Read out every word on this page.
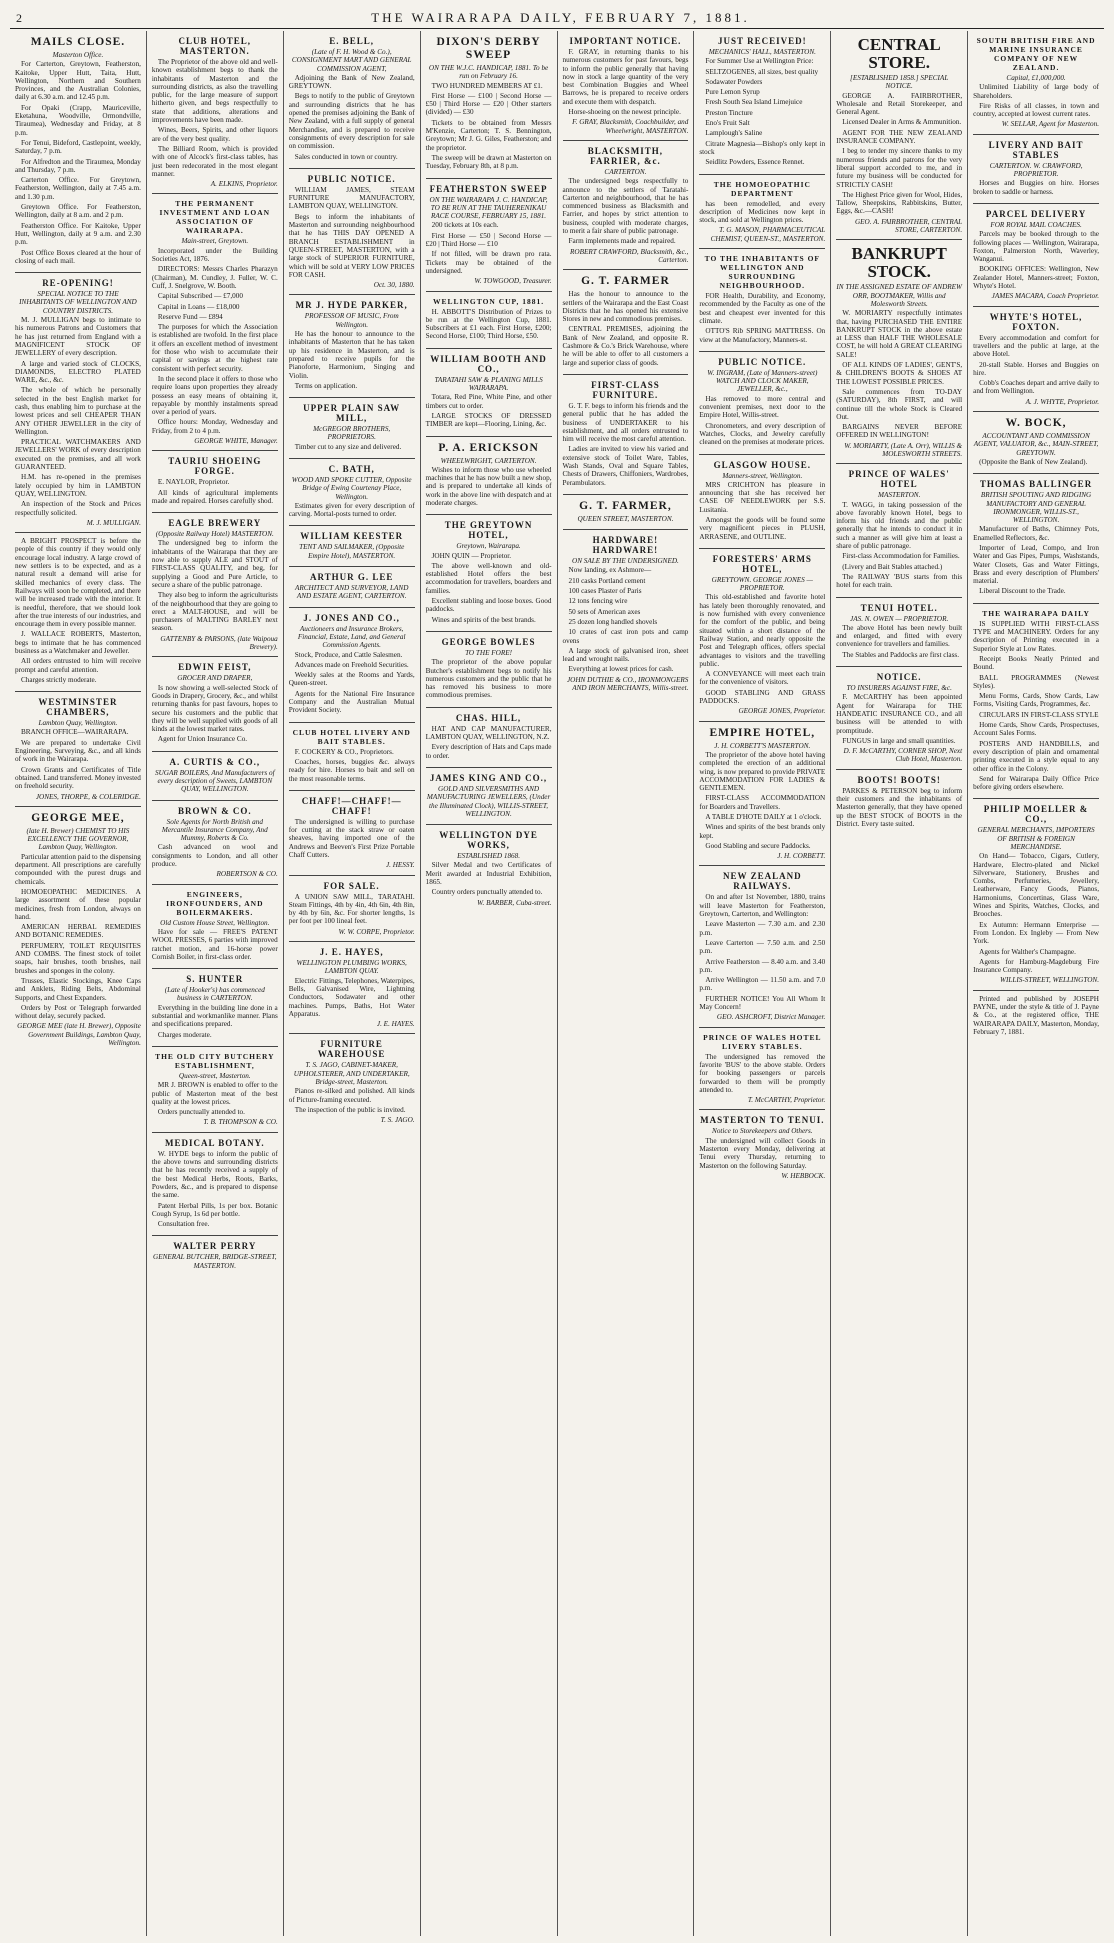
2	THE WAIRARAPA DAILY, FEBRUARY 7, 1881.
MAILS CLOSE.
Masterton Office.

For Carterton, Greytown, Featherston, Kaitoke, Upper Hutt, Taita, Hutt, Wellington, Northern and Southern Provinces, and the Australian Colonies, daily at 6.30 a.m. and 12.45 p.m.

For Opaki (Crapp, Mauriceville, Eketahuna, Woodville, Ormondville, Tiraumea), Wednesday and Friday, at 8 p.m.

For Tenui, Bideford, Castlepoint, weekly, Saturday, 7 p.m.

For Alfredton and the Tiraumea, Monday and Thursday, 7 p.m.

Carterton Office. For Greytown, Featherston, Wellington, daily at 7.45 a.m. and 1.30 p.m.

Greytown Office. For Featherston, Wellington, daily at 8 a.m. and 2 p.m.

Featherston Office. For Kaitoke, Upper Hutt, Wellington, daily at 9 a.m. and 2.30 p.m.

Post Office Boxes cleared at the hour of closing of each mail.

RE-OPENING!
SPECIAL NOTICE TO THE INHABITANTS OF WELLINGTON AND COUNTRY DISTRICTS.

M. J. MULLIGAN begs to intimate to his numerous Patrons and Customers that he has just returned from England with a MAGNIFICENT STOCK OF JEWELLERY of every description.

A large and varied stock of CLOCKS, DIAMONDS, ELECTRO PLATED WARE, &c., &c.

The whole of which he personally selected in the best English market for cash, thus enabling him to purchase at the lowest prices and sell CHEAPER THAN ANY OTHER JEWELLER in the city of Wellington.

PRACTICAL WATCHMAKERS AND JEWELLERS' WORK of every description executed on the premises, and all work GUARANTEED.

H.M. has re-opened in the premises lately occupied by him in LAMBTON QUAY, WELLINGTON.

An inspection of the Stock and Prices respectfully solicited.

M. J. MULLIGAN.

A BRIGHT PROSPECT is before the people of this country if they would only encourage local industry. A large crowd of new settlers is to be expected, and as a natural result a demand will arise for skilled mechanics of every class. The Railways will soon be completed, and there will be increased trade with the interior. It is needful, therefore, that we should look after the true interests of our industries, and encourage them in every possible manner.

J. WALLACE ROBERTS, Masterton, begs to intimate that he has commenced business as a Watchmaker and Jeweller.

All orders entrusted to him will receive prompt and careful attention.

Charges strictly moderate.

WESTMINSTER CHAMBERS,
Lambton Quay, Wellington.

BRANCH OFFICE—WAIRARAPA.

We are prepared to undertake Civil Engineering, Surveying, &c., and all kinds of work in the Wairarapa.

Crown Grants and Certificates of Title obtained. Land transferred. Money invested on freehold security.

JONES, THORPE, & COLERIDGE.
GEORGE MEE,
(late H. Brewer) CHEMIST TO HIS EXCELLENCY THE GOVERNOR, Lambton Quay, Wellington.

Particular attention paid to the dispensing department. All prescriptions are carefully compounded with the purest drugs and chemicals.

HOMOEOPATHIC MEDICINES. A large assortment of these popular medicines, fresh from London, always on hand.

AMERICAN HERBAL REMEDIES AND BOTANIC REMEDIES.

PERFUMERY, TOILET REQUISITES AND COMBS. The finest stock of toilet soaps, hair brushes, tooth brushes, nail brushes and sponges in the colony.

Trusses, Elastic Stockings, Knee Caps and Anklets, Riding Belts, Abdominal Supports, and Chest Expanders.

Orders by Post or Telegraph forwarded without delay, securely packed.

GEORGE MEE (late H. Brewer), Opposite Government Buildings, Lambton Quay, Wellington.
CLUB HOTEL, MASTERTON.

The Proprietor of the above old and well-known establishment begs to thank the inhabitants of Masterton and the surrounding districts, as also the travelling public, for the large measure of support hitherto given, and begs respectfully to state that additions, alterations and improvements have been made.

Wines, Beers, Spirits, and other liquors are of the very best quality.

The Billiard Room, which is provided with one of Alcock's first-class tables, has just been redecorated in the most elegant manner.

A. ELKINS, Proprietor.
THE PERMANENT INVESTMENT AND LOAN ASSOCIATION OF WAIRARAPA.
Main-street, Greytown.

Incorporated under the Building Societies Act, 1876.

DIRECTORS: Messrs Charles Pharazyn (Chairman), M. Cundley, J. Fuller, W. C. Cuff, J. Snelgrove, W. Booth.

Capital Subscribed — £7,000

Capital in Loans — £18,000

Reserve Fund — £894

The purposes for which the Association is established are twofold. In the first place it offers an excellent method of investment for those who wish to accumulate their capital or savings at the highest rate consistent with perfect security.

In the second place it offers to those who require loans upon properties they already possess an easy means of obtaining it, repayable by monthly instalments spread over a period of years.

Office hours: Monday, Wednesday and Friday, from 2 to 4 p.m.

GEORGE WHITE, Manager.
TAURIU SHOEING FORGE.

E. NAYLOR, Proprietor.

All kinds of agricultural implements made and repaired. Horses carefully shod.

EAGLE BREWERY
(Opposite Railway Hotel) MASTERTON.

The undersigned beg to inform the inhabitants of the Wairarapa that they are now able to supply ALE and STOUT of FIRST-CLASS QUALITY, and beg, for supplying a Good and Pure Article, to secure a share of the public patronage.

They also beg to inform the agriculturists of the neighbourhood that they are going to erect a MALT-HOUSE, and will be purchasers of MALTING BARLEY next season.

GATTENBY & PARSONS, (late Waipoua Brewery).
EDWIN FEIST,
GROCER AND DRAPER,

Is now showing a well-selected Stock of Goods in Drapery, Grocery, &c., and whilst returning thanks for past favours, hopes to secure his customers and the public that they will be well supplied with goods of all kinds at the lowest market rates.

Agent for Union Insurance Co.

A. CURTIS & CO.,
SUGAR BOILERS, And Manufacturers of every description of Sweets, LAMBTON QUAY, WELLINGTON.
BROWN & CO.
Sole Agents for North British and Mercantile Insurance Company, And Mummy, Roberts & Co.

Cash advanced on wool and consignments to London, and all other produce.

ROBERTSON & CO.
ENGINEERS, IRONFOUNDERS, AND BOILERMAKERS.
Old Custom House Street, Wellington.

Have for sale — FREE'S PATENT WOOL PRESSES, 6 parties with improved ratchet motion, and 16-horse power Cornish Boiler, in first-class order.

S. HUNTER
(Late of Hooker's) has commenced business in CARTERTON.

Everything in the building line done in a substantial and workmanlike manner. Plans and specifications prepared.

Charges moderate.

THE OLD CITY BUTCHERY ESTABLISHMENT,
Queen-street, Masterton.

MR J. BROWN is enabled to offer to the public of Masterton meat of the best quality at the lowest prices.

Orders punctually attended to.

T. B. THOMPSON & CO.
MEDICAL BOTANY.

W. HYDE begs to inform the public of the above towns and surrounding districts that he has recently received a supply of the best Medical Herbs, Roots, Barks, Powders, &c., and is prepared to dispense the same.

Patent Herbal Pills, 1s per box. Botanic Cough Syrup, 1s 6d per bottle.

Consultation free.

WALTER PERRY
GENERAL BUTCHER, BRIDGE-STREET, MASTERTON.
E. BELL,
(Late of F. H. Wood & Co.), CONSIGNMENT MART AND GENERAL COMMISSION AGENT,

Adjoining the Bank of New Zealand, GREYTOWN.

Begs to notify to the public of Greytown and surrounding districts that he has opened the premises adjoining the Bank of New Zealand, with a full supply of general Merchandise, and is prepared to receive consignments of every description for sale on commission.

Sales conducted in town or country.

PUBLIC NOTICE.

WILLIAM JAMES, STEAM FURNITURE MANUFACTORY, LAMBTON QUAY, WELLINGTON.

Begs to inform the inhabitants of Masterton and surrounding neighbourhood that he has THIS DAY OPENED A BRANCH ESTABLISHMENT in QUEEN-STREET, MASTERTON, with a large stock of SUPERIOR FURNITURE, which will be sold at VERY LOW PRICES FOR CASH.

Oct. 30, 1880.
MR J. HYDE PARKER,
PROFESSOR OF MUSIC, From Wellington.

He has the honour to announce to the inhabitants of Masterton that he has taken up his residence in Masterton, and is prepared to receive pupils for the Pianoforte, Harmonium, Singing and Violin.

Terms on application.

UPPER PLAIN SAW MILL,
McGREGOR BROTHERS, PROPRIETORS.

Timber cut to any size and delivered.

C. BATH,
WOOD AND SPOKE CUTTER, Opposite Bridge of Ewing Courtenay Place, Wellington.

Estimates given for every description of carving. Mortal-posts turned to order.

WILLIAM KEESTER
TENT AND SAILMAKER, (Opposite Empire Hotel), MASTERTON.
ARTHUR G. LEE
ARCHITECT AND SURVEYOR, LAND AND ESTATE AGENT, CARTERTON.
J. JONES AND CO.,
Auctioneers and Insurance Brokers, Financial, Estate, Land, and General Commission Agents.

Stock, Produce, and Cattle Salesmen.

Advances made on Freehold Securities.

Weekly sales at the Rooms and Yards, Queen-street.

Agents for the National Fire Insurance Company and the Australian Mutual Provident Society.

CLUB HOTEL LIVERY AND BAIT STABLES.

F. COCKERY & CO., Proprietors.

Coaches, horses, buggies &c. always ready for hire. Horses to bait and sell on the most reasonable terms.

CHAFF!—CHAFF!—CHAFF!

The undersigned is willing to purchase for cutting at the stack straw or oaten sheaves, having imported one of the Andrews and Beeven's First Prize Portable Chaff Cutters.

J. HESSY.
FOR SALE.

A UNION SAW MILL, TARATAHI. Steam Fittings, 4th by 4in, 4th 6in, 4th 8in, by 4th by 6in, &c. For shorter lengths, 1s per foot per 100 lineal feet.

W. W. CORPE, Proprietor.
J. E. HAYES,
WELLINGTON PLUMBING WORKS, LAMBTON QUAY.

Electric Fittings, Telephones, Waterpipes, Bells, Galvanised Wire, Lightning Conductors, Sodawater and other machines. Pumps, Baths, Hot Water Apparatus.

J. E. HAYES.
FURNITURE WAREHOUSE
T. S. JAGO, CABINET-MAKER, UPHOLSTERER, AND UNDERTAKER, Bridge-street, Masterton.

Pianos re-silked and polished. All kinds of Picture-framing executed.

The inspection of the public is invited.

T. S. JAGO.
DIXON'S DERBY SWEEP
ON THE W.J.C. HANDICAP, 1881. To be run on February 16.

TWO HUNDRED MEMBERS AT £1.

First Horse — £100 | Second Horse — £50 | Third Horse — £20 | Other starters (divided) — £30

Tickets to be obtained from Messrs M'Kenzie, Carterton; T. S. Bennington, Greytown; Mr J. G. Giles, Featherston; and the proprietor.

The sweep will be drawn at Masterton on Tuesday, February 8th, at 8 p.m.

FEATHERSTON SWEEP
ON THE WAIRARAPA J. C. HANDICAP, TO BE RUN AT THE TAUHERENIKAU RACE COURSE, FEBRUARY 15, 1881.

200 tickets at 10s each.

First Horse — £50 | Second Horse — £20 | Third Horse — £10

If not filled, will be drawn pro rata. Tickets may be obtained of the undersigned.

W. TOWGOOD, Treasurer.
WELLINGTON CUP, 1881.

H. ABBOTT'S Distribution of Prizes to be run at the Wellington Cup, 1881. Subscribers at £1 each. First Horse, £200; Second Horse, £100; Third Horse, £50.

WILLIAM BOOTH AND CO.,
TARATAHI SAW & PLANING MILLS WAIRARAPA.

Totara, Red Pine, White Pine, and other timbers cut to order.

LARGE STOCKS OF DRESSED TIMBER are kept—Flooring, Lining, &c.

P. A. ERICKSON
WHEELWRIGHT, CARTERTON.

Wishes to inform those who use wheeled machines that he has now built a new shop, and is prepared to undertake all kinds of work in the above line with despatch and at moderate charges.

THE GREYTOWN HOTEL,
Greytown, Wairarapa.

JOHN QUIN — Proprietor.

The above well-known and old-established Hotel offers the best accommodation for travellers, boarders and families.

Excellent stabling and loose boxes. Good paddocks.

Wines and spirits of the best brands.

GEORGE BOWLES
TO THE FORE!

The proprietor of the above popular Butcher's establishment begs to notify his numerous customers and the public that he has removed his business to more commodious premises.

CHAS. HILL,

HAT AND CAP MANUFACTURER, LAMBTON QUAY, WELLINGTON, N.Z.

Every description of Hats and Caps made to order.

JAMES KING AND CO.,
GOLD AND SILVERSMITHS AND MANUFACTURING JEWELLERS, (Under the Illuminated Clock), WILLIS-STREET, WELLINGTON.
WELLINGTON DYE WORKS,
ESTABLISHED 1868.

Silver Medal and two Certificates of Merit awarded at Industrial Exhibition, 1865.

Country orders punctually attended to.

W. BARBER, Cuba-street.
IMPORTANT NOTICE.

F. GRAY, in returning thanks to his numerous customers for past favours, begs to inform the public generally that having now in stock a large quantity of the very best Combination Buggies and Wheel Barrows, he is prepared to receive orders and execute them with despatch.

Horse-shoeing on the newest principle.

F. GRAY, Blacksmith, Coachbuilder, and Wheelwright, MASTERTON.
BLACKSMITH, FARRIER, &c.
CARTERTON.

The undersigned begs respectfully to announce to the settlers of Taratahi-Carterton and neighbourhood, that he has commenced business as Blacksmith and Farrier, and hopes by strict attention to business, coupled with moderate charges, to merit a fair share of public patronage.

Farm implements made and repaired.

ROBERT CRAWFORD, Blacksmith, &c., Carterton.
G. T. FARMER

Has the honour to announce to the settlers of the Wairarapa and the East Coast Districts that he has opened his extensive Stores in new and commodious premises.

CENTRAL PREMISES, adjoining the Bank of New Zealand, and opposite R. Cashmore & Co.'s Brick Warehouse, where he will be able to offer to all customers a large and superior class of goods.

FIRST-CLASS FURNITURE.

G. T. F. begs to inform his friends and the general public that he has added the business of UNDERTAKER to his establishment, and all orders entrusted to him will receive the most careful attention.

Ladies are invited to view his varied and extensive stock of Toilet Ware, Tables, Wash Stands, Oval and Square Tables, Chests of Drawers, Chiffoniers, Wardrobes, Perambulators.

G. T. FARMER,
QUEEN STREET, MASTERTON.
HARDWARE! HARDWARE!
ON SALE BY THE UNDERSIGNED.

Now landing, ex Ashmore—

210 casks Portland cement

100 cases Plaster of Paris

12 tons fencing wire

50 sets of American axes

25 dozen long handled shovels

10 crates of cast iron pots and camp ovens

A large stock of galvanised iron, sheet lead and wrought nails.

Everything at lowest prices for cash.

JOHN DUTHIE & CO., IRONMONGERS AND IRON MERCHANTS, Willis-street.
JUST RECEIVED!
MECHANICS' HALL, MASTERTON.

For Summer Use at Wellington Price:

SELTZOGENES, all sizes, best quality

Sodawater Powders

Pure Lemon Syrup

Fresh South Sea Island Limejuice

Preston Tincture

Eno's Fruit Salt

Lamplough's Saline

Citrate Magnesia—Bishop's only kept in stock

Seidlitz Powders, Essence Rennet.

THE HOMOEOPATHIC DEPARTMENT

has been remodelled, and every description of Medicines now kept in stock, and sold at Wellington prices.

T. G. MASON, PHARMACEUTICAL CHEMIST, QUEEN-ST., MASTERTON.
TO THE INHABITANTS OF WELLINGTON AND SURROUNDING NEIGHBOURHOOD.

FOR Health, Durability, and Economy, recommended by the Faculty as one of the best and cheapest ever invented for this climate.

OTTO'S Rib SPRING MATTRESS. On view at the Manufactory, Manners-st.

PUBLIC NOTICE.
W. INGRAM, (Late of Manners-street) WATCH AND CLOCK MAKER, JEWELLER, &c.,

Has removed to more central and convenient premises, next door to the Empire Hotel, Willis-street.

Chronometers, and every description of Watches, Clocks, and Jewelry carefully cleaned on the premises at moderate prices.

GLASGOW HOUSE.
Manners-street, Wellington.

MRS CRICHTON has pleasure in announcing that she has received her CASE OF NEEDLEWORK per S.S. Lusitania.

Amongst the goods will be found some very magnificent pieces in PLUSH, ARRASENE, and OUTLINE.

FORESTERS' ARMS HOTEL,
GREYTOWN. GEORGE JONES — PROPRIETOR.

This old-established and favorite hotel has lately been thoroughly renovated, and is now furnished with every convenience for the comfort of the public, and being situated within a short distance of the Railway Station, and nearly opposite the Post and Telegraph offices, offers special advantages to visitors and the travelling public.

A CONVEYANCE will meet each train for the convenience of visitors.

GOOD STABLING AND GRASS PADDOCKS.

GEORGE JONES, Proprietor.
EMPIRE HOTEL,
J. H. CORBETT'S MASTERTON.

The proprietor of the above hotel having completed the erection of an additional wing, is now prepared to provide PRIVATE ACCOMMODATION FOR LADIES & GENTLEMEN.

FIRST-CLASS ACCOMMODATION for Boarders and Travellers.

A TABLE D'HOTE DAILY at 1 o'clock.

Wines and spirits of the best brands only kept.

Good Stabling and secure Paddocks.

J. H. CORBETT.
NEW ZEALAND RAILWAYS.

On and after 1st November, 1880, trains will leave Masterton for Featherston, Greytown, Carterton, and Wellington:

Leave Masterton — 7.30 a.m. and 2.30 p.m.

Leave Carterton — 7.50 a.m. and 2.50 p.m.

Arrive Featherston — 8.40 a.m. and 3.40 p.m.

Arrive Wellington — 11.50 a.m. and 7.0 p.m.

FURTHER NOTICE! You All Whom It May Concern!

GEO. ASHCROFT, District Manager.
PRINCE OF WALES HOTEL LIVERY STABLES.

The undersigned has removed the favorite 'BUS' to the above stable. Orders for booking passengers or parcels forwarded to them will be promptly attended to.

T. McCARTHY, Proprietor.
MASTERTON TO TENUI.
Notice to Storekeepers and Others.

The undersigned will collect Goods in Masterton every Monday, delivering at Tenui every Thursday, returning to Masterton on the following Saturday.

W. HEBBOCK.
CENTRAL STORE.
[ESTABLISHED 1858.] SPECIAL NOTICE.

GEORGE A. FAIRBROTHER, Wholesale and Retail Storekeeper, and General Agent.

Licensed Dealer in Arms & Ammunition.

AGENT FOR THE NEW ZEALAND INSURANCE COMPANY.

I beg to tender my sincere thanks to my numerous friends and patrons for the very liberal support accorded to me, and in future my business will be conducted for STRICTLY CASH!

The Highest Price given for Wool, Hides, Tallow, Sheepskins, Rabbitskins, Butter, Eggs, &c.—CASH!

GEO. A. FAIRBROTHER, CENTRAL STORE, CARTERTON.
BANKRUPT STOCK.
IN THE ASSIGNED ESTATE OF ANDREW ORR, BOOTMAKER, Willis and Molesworth Streets.

W. MORIARTY respectfully intimates that, having PURCHASED THE ENTIRE BANKRUPT STOCK in the above estate at LESS than HALF THE WHOLESALE COST, he will hold A GREAT CLEARING SALE!

OF ALL KINDS OF LADIES', GENT'S, & CHILDREN'S BOOTS & SHOES AT THE LOWEST POSSIBLE PRICES.

Sale commences from TO-DAY (SATURDAY), 8th FIRST, and will continue till the whole Stock is Cleared Out.

BARGAINS NEVER BEFORE OFFERED IN WELLINGTON!

W. MORIARTY, (Late A. Orr), WILLIS & MOLESWORTH STREETS.
PRINCE OF WALES' HOTEL
MASTERTON.

T. WAGG, in taking possession of the above favorably known Hotel, begs to inform his old friends and the public generally that he intends to conduct it in such a manner as will give him at least a share of public patronage.

First-class Accommodation for Families.

(Livery and Bait Stables attached.)

The RAILWAY 'BUS starts from this hotel for each train.

TENUI HOTEL.
JAS. N. OWEN — PROPRIETOR.

The above Hotel has been newly built and enlarged, and fitted with every convenience for travellers and families.

The Stables and Paddocks are first class.

NOTICE.
TO INSURERS AGAINST FIRE, &c.

F. McCARTHY has been appointed Agent for Wairarapa for THE HANDEATIC INSURANCE CO., and all business will be attended to with promptitude.

FUNGUS in large and small quantities.

D. F. McCARTHY, CORNER SHOP, Next Club Hotel, Masterton.
BOOTS! BOOTS!

PARKES & PETERSON beg to inform their customers and the inhabitants of Masterton generally, that they have opened up the BEST STOCK of BOOTS in the District. Every taste suited.

SOUTH BRITISH FIRE AND MARINE INSURANCE COMPANY OF NEW ZEALAND.
Capital, £1,000,000.

Unlimited Liability of large body of Shareholders.

Fire Risks of all classes, in town and country, accepted at lowest current rates.

W. SELLAR, Agent for Masterton.
LIVERY AND BAIT STABLES
CARTERTON. W. CRAWFORD, PROPRIETOR.

Horses and Buggies on hire. Horses broken to saddle or harness.

PARCEL DELIVERY
FOR ROYAL MAIL COACHES.

Parcels may be booked through to the following places — Wellington, Wairarapa, Foxton, Palmerston North, Waverley, Wanganui.

BOOKING OFFICES: Wellington, New Zealander Hotel, Manners-street; Foxton, Whyte's Hotel.

JAMES MACARA, Coach Proprietor.
WHYTE'S HOTEL, FOXTON.

Every accommodation and comfort for travellers and the public at large, at the above Hotel.

20-stall Stable. Horses and Buggies on hire.

Cobb's Coaches depart and arrive daily to and from Wellington.

A. J. WHYTE, Proprietor.
W. BOCK,
ACCOUNTANT AND COMMISSION AGENT, VALUATOR, &c., MAIN-STREET, GREYTOWN.

(Opposite the Bank of New Zealand).

THOMAS BALLINGER
BRITISH SPOUTING AND RIDGING MANUFACTORY AND GENERAL IRONMONGER, WILLIS-ST., WELLINGTON.

Manufacturer of Baths, Chimney Pots, Enamelled Reflectors, &c.

Importer of Lead, Compo, and Iron Water and Gas Pipes, Pumps, Washstands, Water Closets, Gas and Water Fittings, Brass and every description of Plumbers' material.

Liberal Discount to the Trade.

THE WAIRARAPA DAILY

IS SUPPLIED WITH FIRST-CLASS TYPE and MACHINERY. Orders for any description of Printing executed in a Superior Style at Low Rates.

Receipt Books Neatly Printed and Bound.

BALL PROGRAMMES (Newest Styles).

Menu Forms, Cards, Show Cards, Law Forms, Visiting Cards, Programmes, &c.

CIRCULARS IN FIRST-CLASS STYLE

Home Cards, Show Cards, Prospectuses, Account Sales Forms.

POSTERS AND HANDBILLS, and every description of plain and ornamental printing executed in a style equal to any other office in the Colony.

Send for Wairarapa Daily Office Price before giving orders elsewhere.

PHILIP MOELLER & CO.,
GENERAL MERCHANTS, IMPORTERS OF BRITISH & FOREIGN MERCHANDISE.

On Hand— Tobacco, Cigars, Cutlery, Hardware, Electro-plated and Nickel Silverware, Stationery, Brushes and Combs, Perfumeries, Jewellery, Leatherware, Fancy Goods, Pianos, Harmoniums, Concertinas, Glass Ware, Wines and Spirits, Watches, Clocks, and Brooches.

Ex Autumn: Hermann Enterprise — From London. Ex Ingleby — From New York.

Agents for Walther's Champagne.

Agents for Hamburg-Magdeburg Fire Insurance Company.

WILLIS-STREET, WELLINGTON.

Printed and published by JOSEPH PAYNE, under the style & title of J. Payne & Co., at the registered office, THE WAIRARAPA DAILY, Masterton, Monday, February 7, 1881.
